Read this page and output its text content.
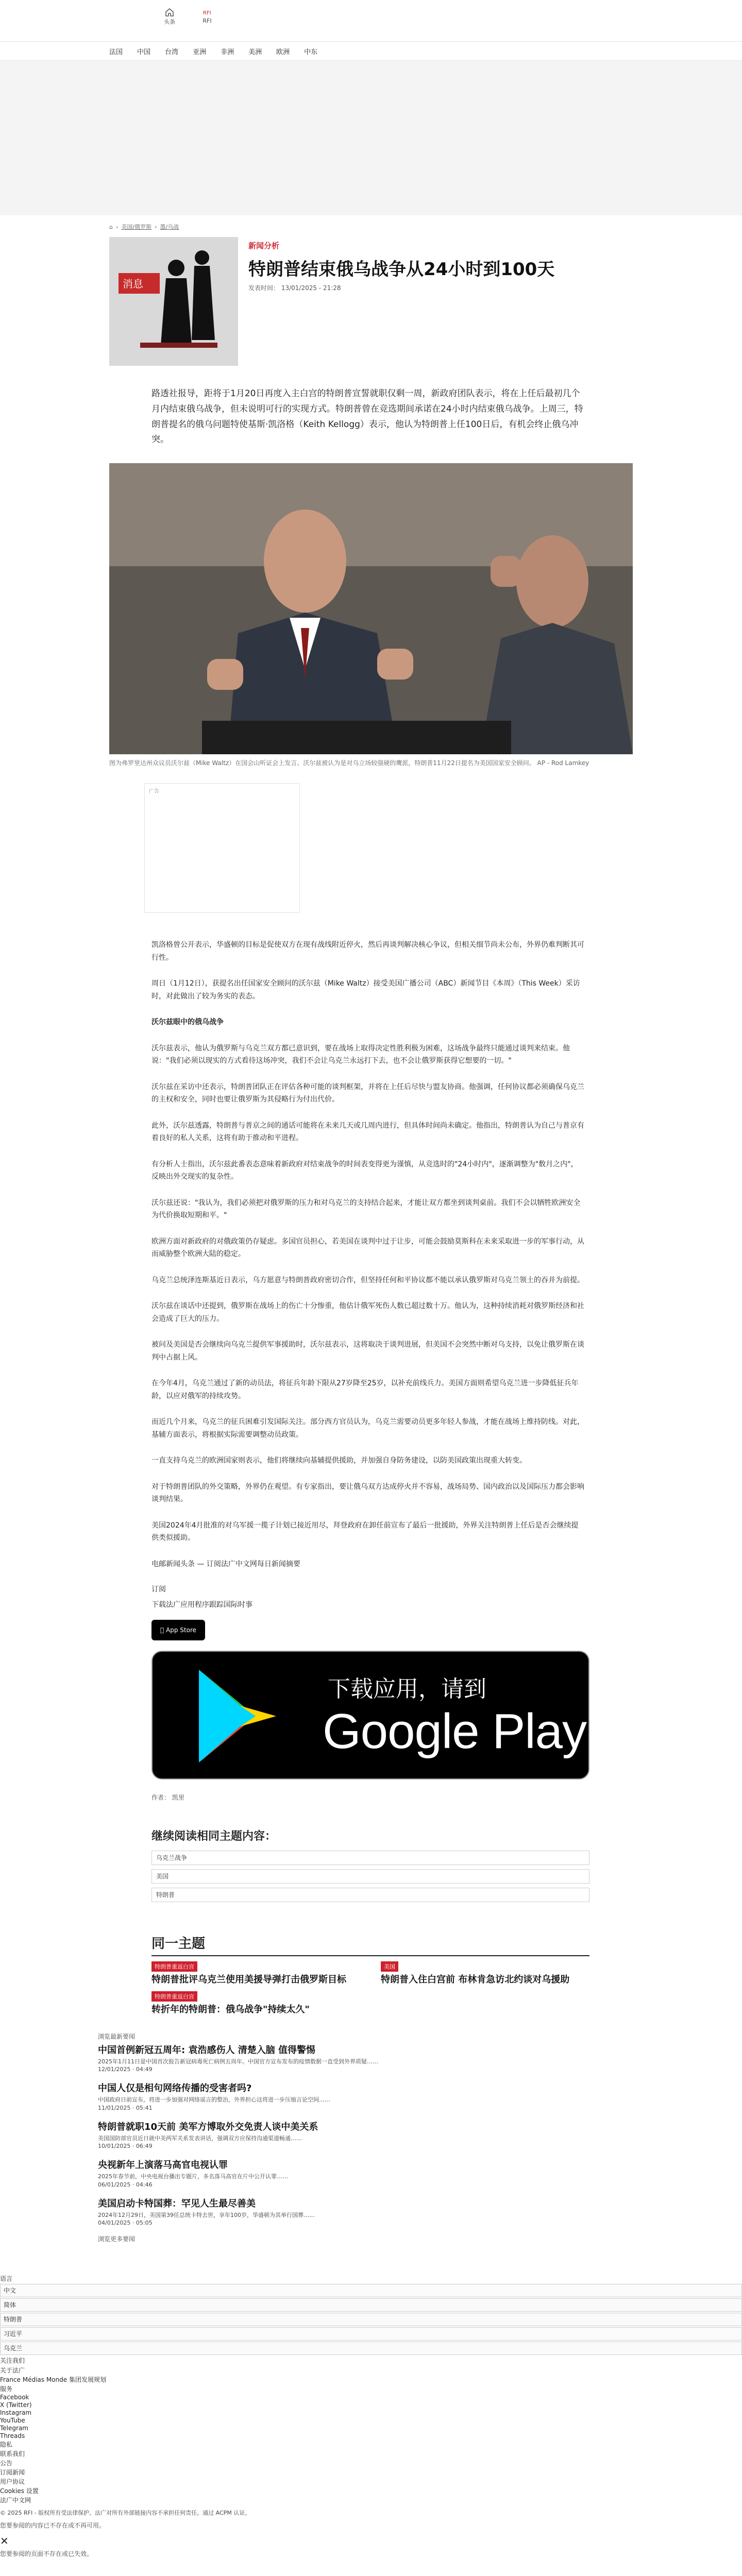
头条
RFI
RFI
法国 中国 台湾 亚洲 非洲 美洲 欧洲 中东
⌂ › 美国/俄罗斯 › 墨/乌战
消息
新闻分析
特朗普结束俄乌战争从24小时到100天
发表时间： 13/01/2025 - 21:28
路透社报导，距将于1月20日再度入主白宫的特朗普宣誓就职仅剩一周，新政府团队表示，将在上任后最初几个月内结束俄乌战争，但未说明可行的实现方式。特朗普曾在竞选期间承诺在24小时内结束俄乌战争。上周三，特朗普提名的俄乌问题特使基斯·凯洛格（Keith Kellogg）表示，他认为特朗普上任100日后，有机会终止俄乌冲突。
图为弗罗里达州众议员沃尔兹（Mike Waltz）在国会山听证会上发言。沃尔兹被认为是对乌立场较强硬的鹰派，特朗普11月22日提名为美国国家安全顾问。 AP - Rod Lamkey
广告

凯洛格曾公开表示，华盛顿的目标是促使双方在现有战线附近停火，然后再谈判解决核心争议，但相关细节尚未公布，外界仍难判断其可行性。

周日（1月12日），获提名出任国家安全顾问的沃尔兹（Mike Waltz）接受美国广播公司（ABC）新闻节目《本周》（This Week）采访时，对此做出了较为务实的表态。

沃尔兹眼中的俄乌战争

沃尔兹表示，他认为俄罗斯与乌克兰双方都已意识到，要在战场上取得决定性胜利极为困难，这场战争最终只能通过谈判来结束。他说："我们必须以现实的方式看待这场冲突，我们不会让乌克兰永远打下去，也不会让俄罗斯获得它想要的一切。"

沃尔兹在采访中还表示，特朗普团队正在评估各种可能的谈判框架，并将在上任后尽快与盟友协商。他强调，任何协议都必须确保乌克兰的主权和安全，同时也要让俄罗斯为其侵略行为付出代价。

此外，沃尔兹透露，特朗普与普京之间的通话可能将在未来几天或几周内进行，但具体时间尚未确定。他指出，特朗普认为自己与普京有着良好的私人关系，这将有助于推动和平进程。

有分析人士指出，沃尔兹此番表态意味着新政府对结束战争的时间表变得更为谨慎，从竞选时的"24小时内"，逐渐调整为"数月之内"，反映出外交现实的复杂性。

沃尔兹还说："我认为，我们必须把对俄罗斯的压力和对乌克兰的支持结合起来，才能让双方都坐到谈判桌前。我们不会以牺牲欧洲安全为代价换取短期和平。"

欧洲方面对新政府的对俄政策仍存疑虑。多国官员担心，若美国在谈判中过于让步，可能会鼓励莫斯科在未来采取进一步的军事行动，从而威胁整个欧洲大陆的稳定。

乌克兰总统泽连斯基近日表示，乌方愿意与特朗普政府密切合作，但坚持任何和平协议都不能以承认俄罗斯对乌克兰领土的吞并为前提。

沃尔兹在谈话中还提到，俄罗斯在战场上的伤亡十分惨重，他估计俄军死伤人数已超过数十万。他认为，这种持续消耗对俄罗斯经济和社会造成了巨大的压力。

被问及美国是否会继续向乌克兰提供军事援助时，沃尔兹表示，这将取决于谈判进展，但美国不会突然中断对乌支持，以免让俄罗斯在谈判中占据上风。

在今年4月，乌克兰通过了新的动员法，将征兵年龄下限从27岁降至25岁，以补充前线兵力。美国方面则希望乌克兰进一步降低征兵年龄，以应对俄军的持续攻势。

而近几个月来，乌克兰的征兵困难引发国际关注。部分西方官员认为，乌克兰需要动员更多年轻人参战，才能在战场上维持防线。对此，基辅方面表示，将根据实际需要调整动员政策。

一直支持乌克兰的欧洲国家则表示，他们将继续向基辅提供援助，并加强自身防务建设，以防美国政策出现重大转变。

对于特朗普团队的外交策略，外界仍在观望。有专家指出，要让俄乌双方达成停火并不容易，战场局势、国内政治以及国际压力都会影响谈判结果。

美国2024年4月批准的对乌军援一揽子计划已接近用尽，拜登政府在卸任前宣布了最后一批援助，外界关注特朗普上任后是否会继续提供类似援助。

电邮新闻头条 — 订阅法广中文网每日新闻摘要

订阅
下载法广应用程序跟踪国际时事
App Store
下载应用，请到
Google Play
作者： 凯里
继续阅读相同主题内容：
乌克兰战争
美国
特朗普
同一主题
特朗普重返白宫
特朗普批评乌克兰使用美援导弹打击俄罗斯目标
美国
特朗普入住白宫前 布林肯急访北约谈对乌援助
特朗普重返白宫
转折年的特朗普：俄乌战争"持续太久"
浏览最新要闻
中国首例新冠五周年: 袁浩感伤人 清楚入脑 值得警惕
2025年1月11日是中国首次报告新冠病毒死亡病例五周年。中国官方宣布发布的疫情数据一直受到外界质疑……
12/01/2025 · 04:49
中国人仅是相句网络传播的受害者吗?
中国政府日前宣布，将进一步加强对网络谣言的整治，外界担心这将进一步压缩言论空间……
11/01/2025 · 05:41
特朗普就职10天前 美军方博取外交免责人谈中美关系
美国国防部官员近日就中美两军关系发表讲话，强调双方应保持沟通渠道畅通……
10/01/2025 · 06:49
央视新年上演落马高官电视认罪
2025年春节前，中央电视台播出专题片，多名落马高官在片中公开认罪……
06/01/2025 · 04:46
美国启动卡特国葬：罕见人生最尽善美
2024年12月29日，美国第39任总统卡特去世，享年100岁，华盛顿为其举行国葬……
04/01/2025 · 05:05
浏览更多要闻
语言
中文
简体
特朗普
习近平
乌克兰
关注我们
关于法广
France Médias Monde 集团发展规划
服务
Facebook
X (Twitter)
Instagram
YouTube
Telegram
Threads
隐私
联系我们
公告
订阅新闻
用户协议
Cookies 设置
法广中文网
© 2025 RFI - 版权所有受法律保护。法广对所有外部链接内容不承担任何责任。通过 ACPM 认证。
您要参阅的内容已不存在或不再可用。
✕
您要参阅的页面不存在或已失效。
